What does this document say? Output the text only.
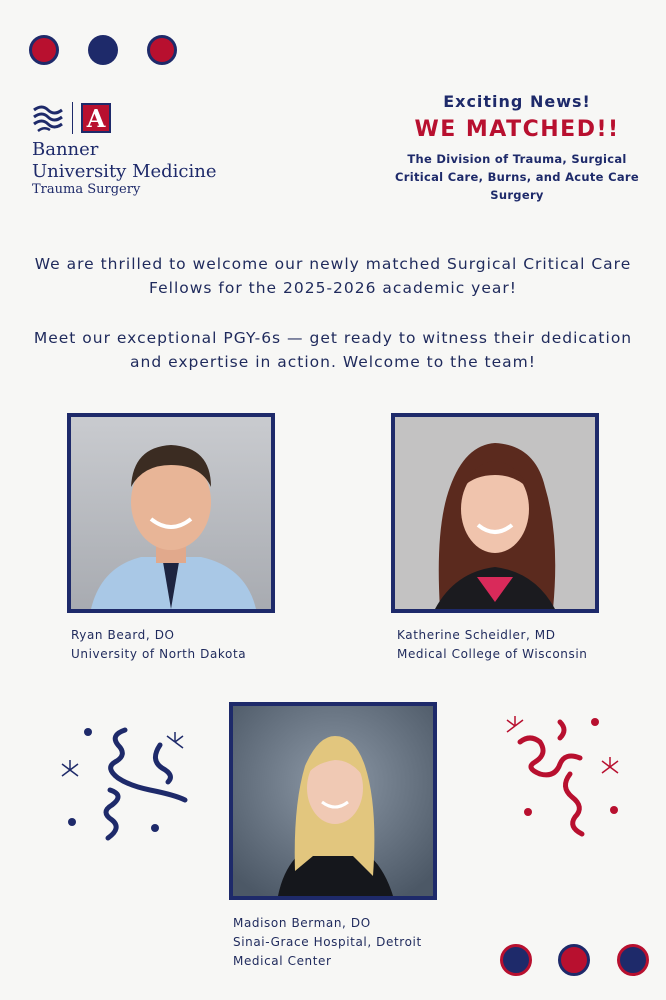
A
Banner
University Medicine
Trauma Surgery
Exciting News!
WE MATCHED!!
The Division of Trauma, Surgical Critical Care, Burns, and Acute Care Surgery
We are thrilled to welcome our newly matched Surgical Critical Care Fellows for the 2025-2026 academic year!
Meet our exceptional PGY-6s — get ready to witness their dedication and expertise in action. Welcome to the team!
Ryan Beard, DO
University of North Dakota
Katherine Scheidler, MD
Medical College of Wisconsin
Madison Berman, DO
Sinai-Grace Hospital, Detroit Medical Center
